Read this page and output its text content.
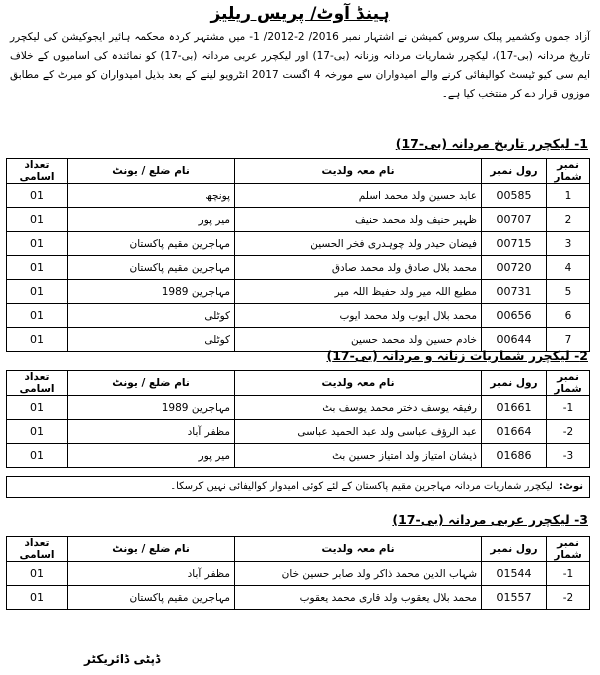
ہینڈ آوٹ/ پریس ریلیز
آزاد جموں وکشمیر پبلک سروس کمیشن نے اشتہار نمبر 2016/ 2-2012/ 1- میں مشتہر کردہ محکمہ ہائیر ایجوکیشن کی لیکچرر تاریخ مردانہ (بی-17)، لیکچرر شماریات مردانہ وزنانہ (بی-17) اور لیکچرر عربی مردانہ (بی-17) کو نمائندہ کی اسامیوں کے خلاف ایم سی کیو ٹیسٹ کوالیفائی کرنے والے امیدواران سے مورخہ 4 اگست 2017 انٹرویو لینے کے بعد بذیل امیدواران کو میرٹ کے مطابق موزوں قرار دے کر منتخب کیا ہے۔
1- لیکچرر تاریخ مردانہ (بی-17)
نمبر شمار	رول نمبر	نام معہ ولدیت	نام ضلع / یونٹ	تعداد اسامی
1	00585	عابد حسین ولد محمد اسلم	پونچھ	01
2	00707	ظہیر حنیف ولد محمد حنیف	میر پور	01
3	00715	فیضان حیدر ولد چوہدری فخر الحسین	مہاجرین مقیم پاکستان	01
4	00720	محمد بلال صادق ولد محمد صادق	مہاجرین مقیم پاکستان	01
5	00731	مطیع اللہ میر ولد حفیظ اللہ میر	مہاجرین 1989	01
6	00656	محمد بلال ایوب ولد محمد ایوب	کوٹلی	01
7	00644	خادم حسین ولد محمد حسین	کوٹلی	01
2- لیکچرر شماریات زنانہ و مردانہ (بی-17)
نمبر شمار	رول نمبر	نام معہ ولدیت	نام ضلع / یونٹ	تعداد اسامی
1-	01661	رفیقہ یوسف دختر محمد یوسف بٹ	مہاجرین 1989	01
2-	01664	عبد الرؤف عباسی ولد عبد الحمید عباسی	مظفر آباد	01
3-	01686	ذیشان امتیاز ولد امتیاز حسین بٹ	میر پور	01
نوٹ:لیکچرر شماریات مردانہ مہاجرین مقیم پاکستان کے لئے کوئی امیدوار کوالیفائی نہیں کرسکا۔
3- لیکچرر عربی مردانہ (بی-17)
نمبر شمار	رول نمبر	نام معہ ولدیت	نام ضلع / یونٹ	تعداد اسامی
1-	01544	شہاب الدین محمد ذاکر ولد صابر حسین خان	مظفر آباد	01
2-	01557	محمد بلال یعقوب ولد قاری محمد یعقوب	مہاجرین مقیم پاکستان	01
ڈپٹی ڈائریکٹر
